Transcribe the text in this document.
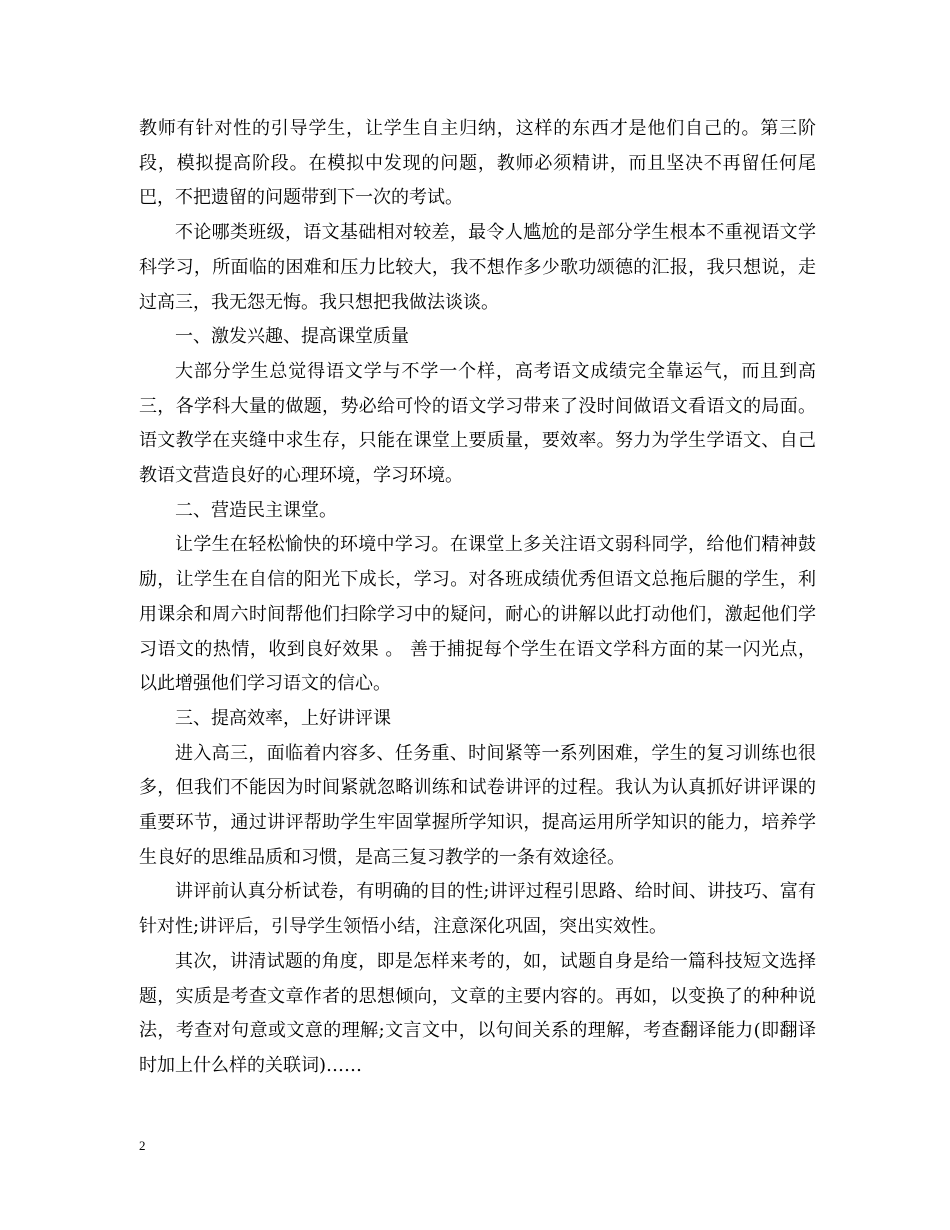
教师有针对性的引导学生，让学生自主归纳，这样的东西才是他们自己的。第三阶段，模拟提高阶段。在模拟中发现的问题，教师必须精讲，而且坚决不再留任何尾巴，不把遗留的问题带到下一次的考试。

不论哪类班级，语文基础相对较差，最令人尴尬的是部分学生根本不重视语文学科学习，所面临的困难和压力比较大，我不想作多少歌功颂德的汇报，我只想说，走过高三，我无怨无悔。我只想把我做法谈谈。

一、激发兴趣、提高课堂质量

大部分学生总觉得语文学与不学一个样，高考语文成绩完全靠运气，而且到高三，各学科大量的做题，势必给可怜的语文学习带来了没时间做语文看语文的局面。语文教学在夹缝中求生存，只能在课堂上要质量，要效率。努力为学生学语文、自己教语文营造良好的心理环境，学习环境。

二、营造民主课堂。

让学生在轻松愉快的环境中学习。在课堂上多关注语文弱科同学，给他们精神鼓励，让学生在自信的阳光下成长，学习。对各班成绩优秀但语文总拖后腿的学生，利用课余和周六时间帮他们扫除学习中的疑问，耐心的讲解以此打动他们，激起他们学习语文的热情，收到良好效果 。 善于捕捉每个学生在语文学科方面的某一闪光点，以此增强他们学习语文的信心。

三、提高效率，上好讲评课

进入高三，面临着内容多、任务重、时间紧等一系列困难，学生的复习训练也很多，但我们不能因为时间紧就忽略训练和试卷讲评的过程。我认为认真抓好讲评课的重要环节，通过讲评帮助学生牢固掌握所学知识，提高运用所学知识的能力，培养学生良好的思维品质和习惯，是高三复习教学的一条有效途径。

讲评前认真分析试卷，有明确的目的性;讲评过程引思路、给时间、讲技巧、富有针对性;讲评后，引导学生领悟小结，注意深化巩固，突出实效性。

其次，讲清试题的角度，即是怎样来考的，如，试题自身是给一篇科技短文选择题，实质是考查文章作者的思想倾向，文章的主要内容的。再如，以变换了的种种说法，考查对句意或文意的理解;文言文中，以句间关系的理解，考查翻译能力(即翻译时加上什么样的关联词)……

2
